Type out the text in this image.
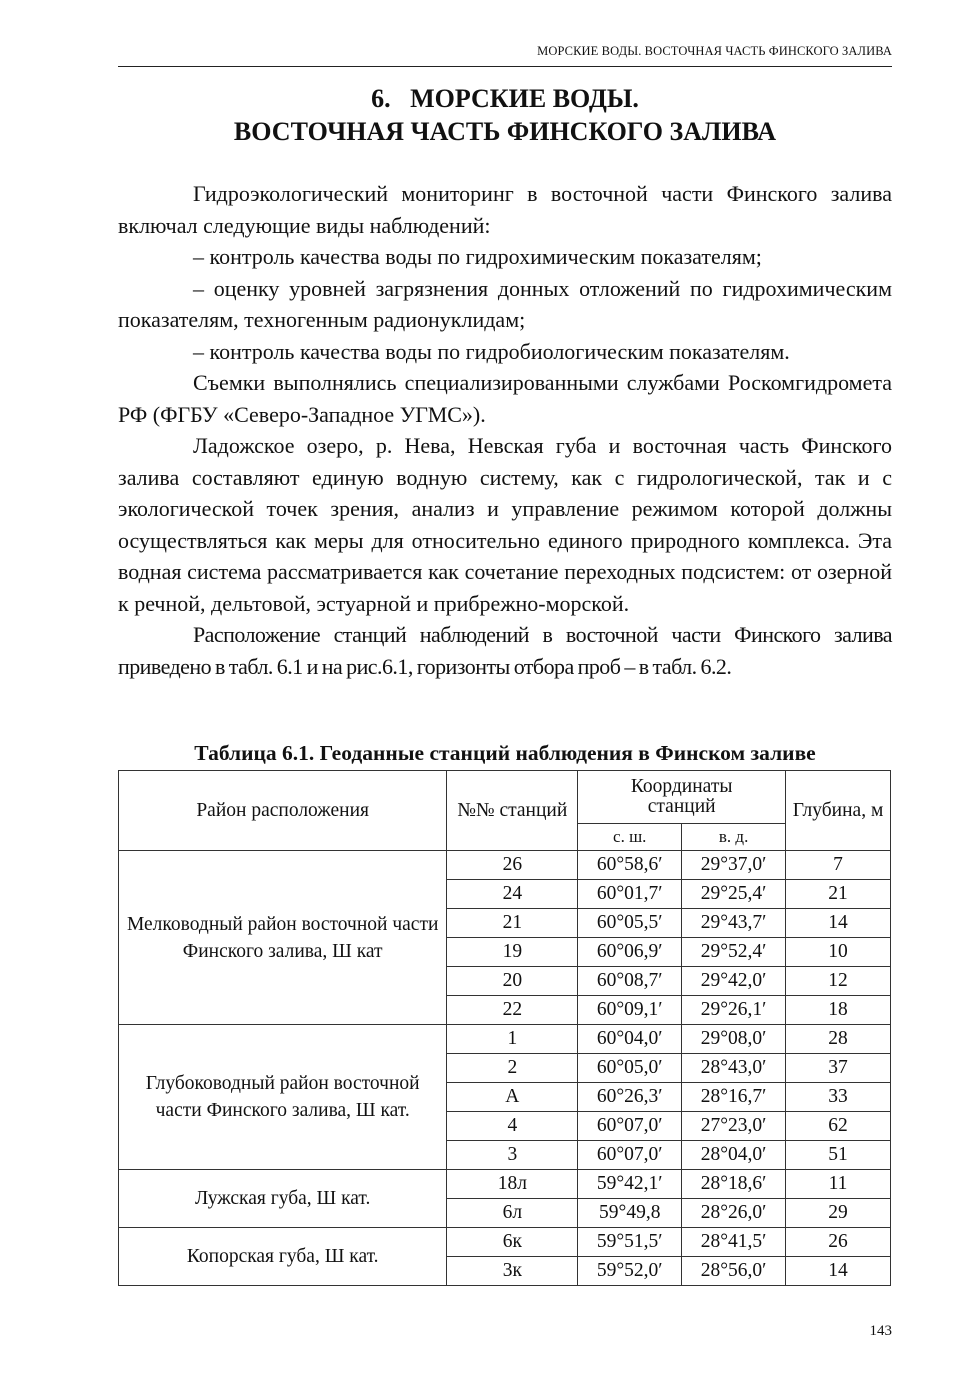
МОРСКИЕ ВОДЫ. ВОСТОЧНАЯ ЧАСТЬ ФИНСКОГО ЗАЛИВА
6.   МОРСКИЕ ВОДЫ.
ВОСТОЧНАЯ ЧАСТЬ ФИНСКОГО ЗАЛИВА

Гидроэкологический мониторинг в восточной части Финского залива включал следующие виды наблюдений:

– контроль качества воды по гидрохимическим показателям;

– оценку уровней загрязнения донных отложений по гидрохимическим показателям, техногенным радионуклидам;

– контроль качества воды по гидробиологическим показателям.

Съемки выполнялись специализированными службами Роскомгидромета РФ (ФГБУ «Северо-Западное УГМС»).

Ладожское озеро, р. Нева, Невская губа и восточная часть Финского залива составляют единую водную систему, как с гидрологической, так и с экологической точек зрения, анализ и управление режимом которой должны осуществляться как меры для относительно единого природного комплекса. Эта водная система рассматривается как сочетание переходных подсистем: от озерной к речной, дельтовой, эстуарной и прибрежно-морской.

Расположение станций наблюдений в восточной части Финского залива приведено в табл. 6.1 и на рис.6.1, горизонты отбора проб – в табл. 6.2.

Таблица 6.1. Геоданные станций наблюдения в Финском заливе
Район расположения	№№ станций	Координаты станций		Глубина, м
		с. ш.	в. д.	
Мелководный район восточной части Финского залива, Ш кат	26	60°58,6′	29°37,0′	7
	24	60°01,7′	29°25,4′	21
	21	60°05,5′	29°43,7′	14
	19	60°06,9′	29°52,4′	10
	20	60°08,7′	29°42,0′	12
	22	60°09,1′	29°26,1′	18
Глубоководный район восточной части Финского залива, Ш кат.	1	60°04,0′	29°08,0′	28
	2	60°05,0′	28°43,0′	37
	А	60°26,3′	28°16,7′	33
	4	60°07,0′	27°23,0′	62
	3	60°07,0′	28°04,0′	51
Лужская губа, Ш кат.	18л	59°42,1′	28°18,6′	11
	6л	59°49,8	28°26,0′	29
Копорская губа, Ш кат.	6к	59°51,5′	28°41,5′	26
	3к	59°52,0′	28°56,0′	14
143
